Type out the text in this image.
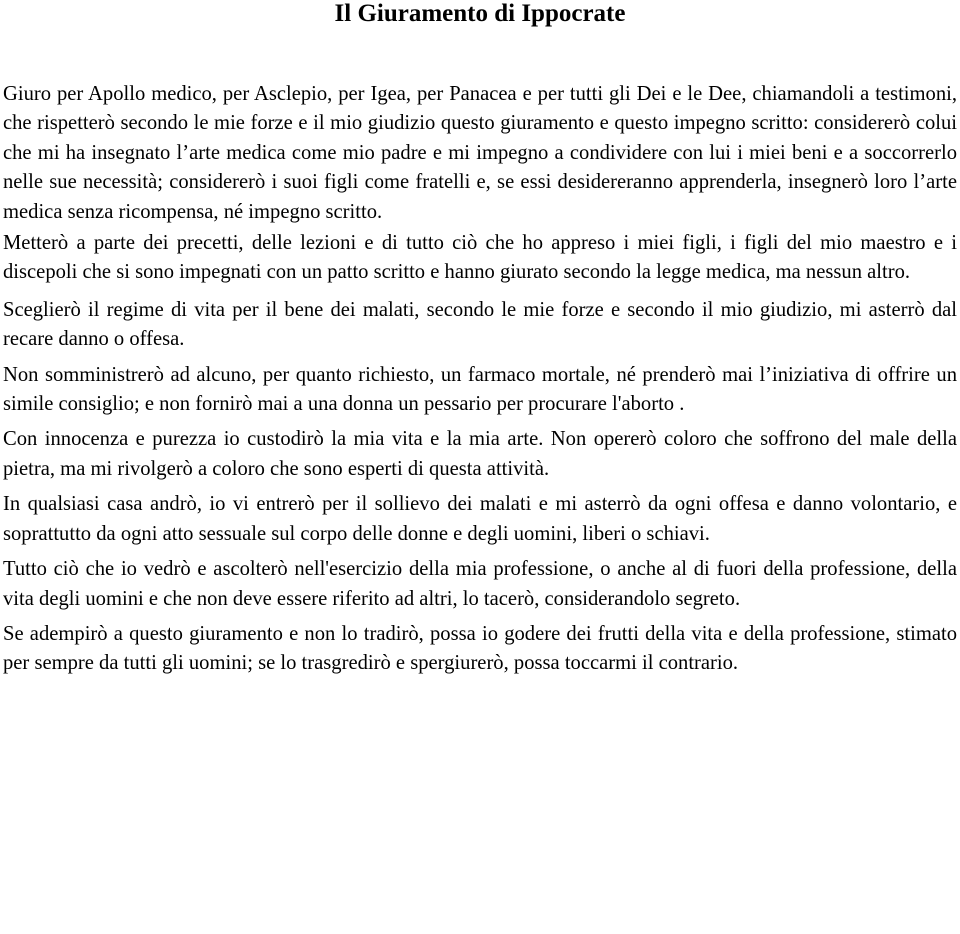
Il Giuramento di Ippocrate

Giuro per Apollo medico, per Asclepio, per Igea, per Panacea e per tutti gli Dei e le Dee, chiamandoli a testimoni, che rispetterò secondo le mie forze e il mio giudizio questo giuramento e questo impegno scritto: considererò colui che mi ha insegnato l’arte medica come mio padre e mi impegno a condividere con lui i miei beni e a soccorrerlo nelle sue necessità; considererò i suoi figli come fratelli e, se essi desidereranno apprenderla, insegnerò loro l’arte medica senza ricompensa, né impegno scritto.

Metterò a parte dei precetti, delle lezioni e di tutto ciò che ho appreso i miei figli, i figli del mio maestro e i discepoli che si sono impegnati con un patto scritto e hanno giurato secondo la legge medica, ma nessun altro.

Sceglierò il regime di vita per il bene dei malati, secondo le mie forze e secondo il mio giudizio, mi asterrò dal recare danno o offesa.

Non somministrerò ad alcuno, per quanto richiesto, un farmaco mortale, né prenderò mai l’iniziativa di offrire un simile consiglio; e non fornirò mai a una donna un pessario per procurare l'aborto .

Con innocenza e purezza io custodirò la mia vita e la mia arte. Non opererò coloro che soffrono del male della pietra, ma mi rivolgerò a coloro che sono esperti di questa attività.

In qualsiasi casa andrò, io vi entrerò per il sollievo dei malati e mi asterrò da ogni offesa e danno volontario, e soprattutto da ogni atto sessuale sul corpo delle donne e degli uomini, liberi o schiavi.

Tutto ciò che io vedrò e ascolterò nell'esercizio della mia professione, o anche al di fuori della professione, della vita degli uomini e che non deve essere riferito ad altri, lo tacerò, considerandolo segreto.

Se adempirò a questo giuramento e non lo tradirò, possa io godere dei frutti della vita e della professione, stimato per sempre da tutti gli uomini; se lo trasgredirò e spergiurerò, possa toccarmi il contrario.
